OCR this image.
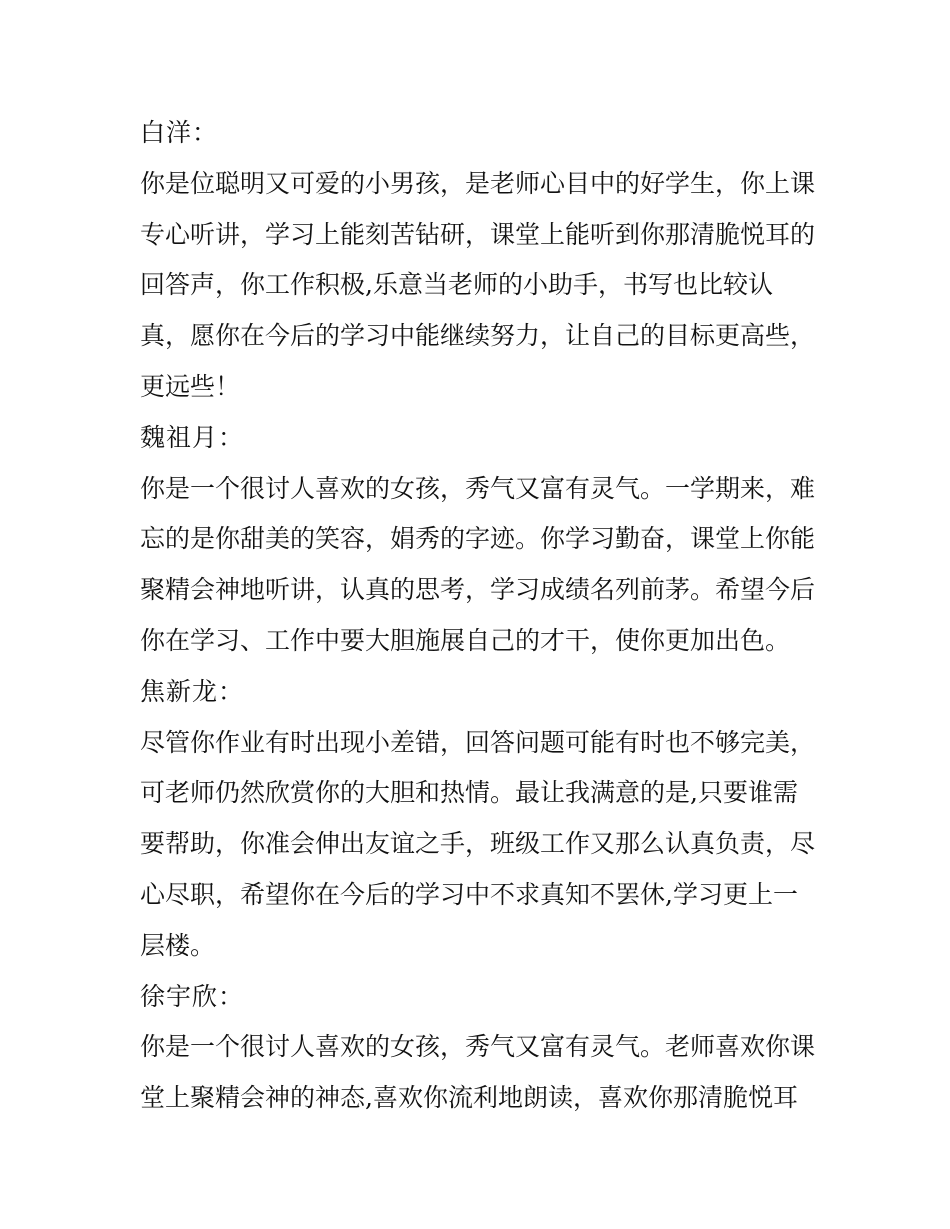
白洋：
你是位聪明又可爱的小男孩，是老师心目中的好学生，你上课
专心听讲，学习上能刻苦钻研，课堂上能听到你那清脆悦耳的
回答声，你工作积极,乐意当老师的小助手，书写也比较认
真，愿你在今后的学习中能继续努力，让自己的目标更高些，
更远些！
魏祖月：
你是一个很讨人喜欢的女孩，秀气又富有灵气。一学期来，难
忘的是你甜美的笑容，娟秀的字迹。你学习勤奋，课堂上你能
聚精会神地听讲，认真的思考，学习成绩名列前茅。希望今后
你在学习、工作中要大胆施展自己的才干，使你更加出色。
焦新龙：
尽管你作业有时出现小差错，回答问题可能有时也不够完美，
可老师仍然欣赏你的大胆和热情。最让我满意的是,只要谁需
要帮助，你准会伸出友谊之手，班级工作又那么认真负责，尽
心尽职，希望你在今后的学习中不求真知不罢休,学习更上一
层楼。
徐宇欣：
你是一个很讨人喜欢的女孩，秀气又富有灵气。老师喜欢你课
堂上聚精会神的神态,喜欢你流利地朗读，喜欢你那清脆悦耳
